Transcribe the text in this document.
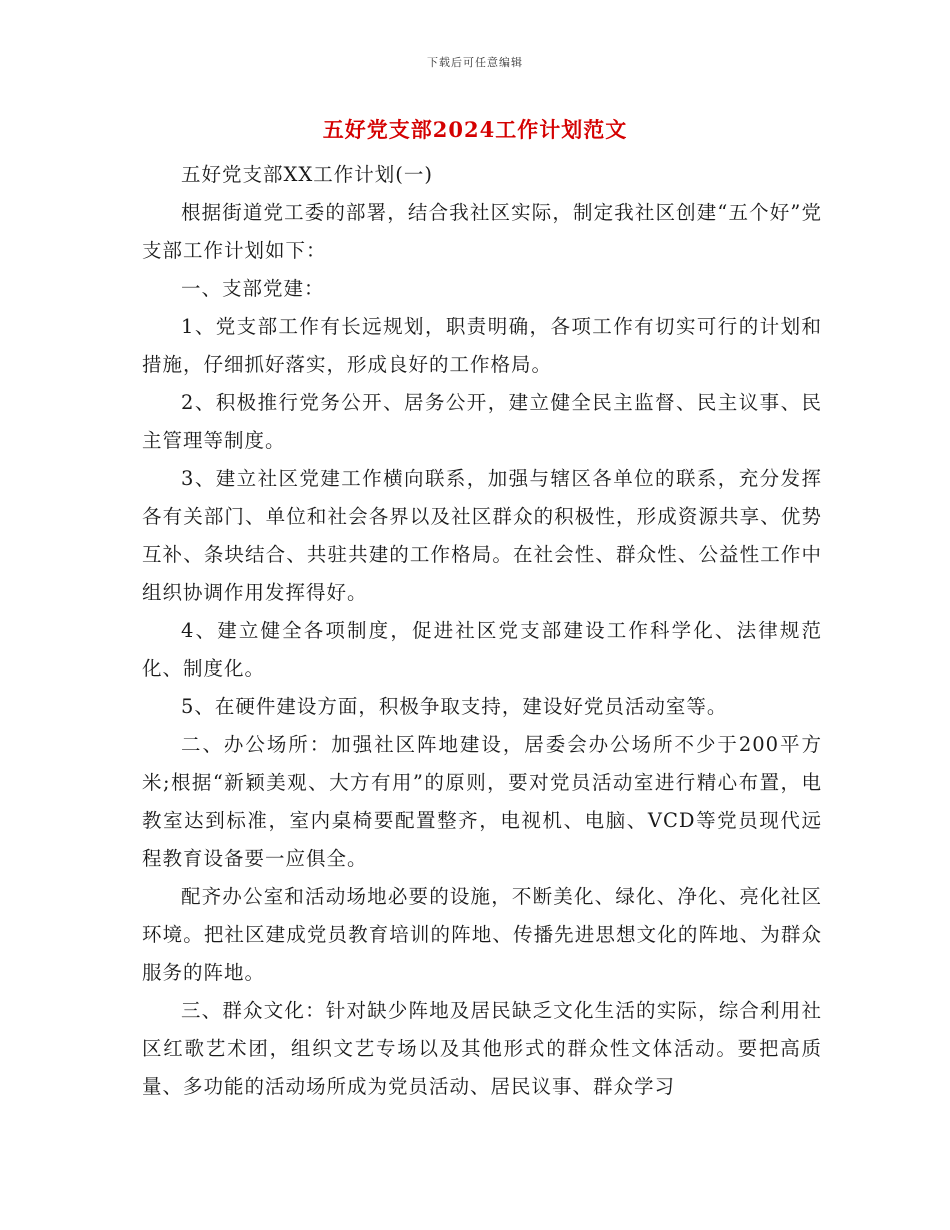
下载后可任意编辑
五好党支部2024工作计划范文

五好党支部XX工作计划(一)

根据街道党工委的部署，结合我社区实际，制定我社区创建“五个好”党支部工作计划如下：

一、支部党建：

1、党支部工作有长远规划，职责明确，各项工作有切实可行的计划和措施，仔细抓好落实，形成良好的工作格局。

2、积极推行党务公开、居务公开，建立健全民主监督、民主议事、民主管理等制度。

3、建立社区党建工作横向联系，加强与辖区各单位的联系，充分发挥各有关部门、单位和社会各界以及社区群众的积极性，形成资源共享、优势互补、条块结合、共驻共建的工作格局。在社会性、群众性、公益性工作中组织协调作用发挥得好。

4、建立健全各项制度，促进社区党支部建设工作科学化、法律规范化、制度化。

5、在硬件建设方面，积极争取支持，建设好党员活动室等。

二、办公场所：加强社区阵地建设，居委会办公场所不少于200平方米;根据“新颖美观、大方有用”的原则，要对党员活动室进行精心布置，电教室达到标准，室内桌椅要配置整齐，电视机、电脑、VCD等党员现代远程教育设备要一应俱全。

配齐办公室和活动场地必要的设施，不断美化、绿化、净化、亮化社区环境。把社区建成党员教育培训的阵地、传播先进思想文化的阵地、为群众服务的阵地。

三、群众文化：针对缺少阵地及居民缺乏文化生活的实际，综合利用社区红歌艺术团，组织文艺专场以及其他形式的群众性文体活动。要把高质量、多功能的活动场所成为党员活动、居民议事、群众学习
